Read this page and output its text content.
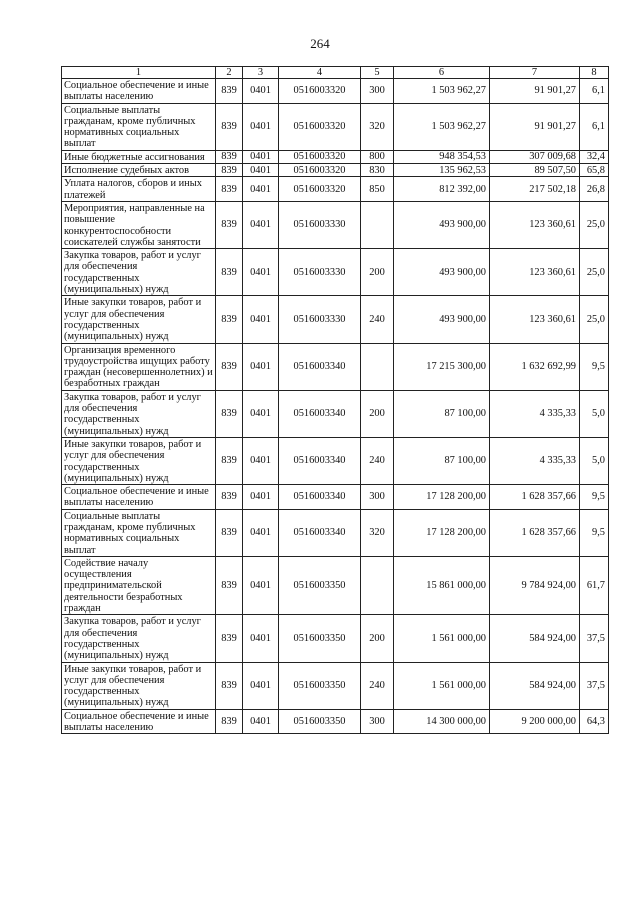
264
1	2	3	4	5	6	7	8
Социальное обеспечение и иные выплаты населению	839	0401	0516003320	300	1 503 962,27	91 901,27	6,1
Социальные выплаты гражданам, кроме публичных нормативных социальных выплат	839	0401	0516003320	320	1 503 962,27	91 901,27	6,1
Иные бюджетные ассигнования	839	0401	0516003320	800	948 354,53	307 009,68	32,4
Исполнение судебных актов	839	0401	0516003320	830	135 962,53	89 507,50	65,8
Уплата налогов, сборов и иных платежей	839	0401	0516003320	850	812 392,00	217 502,18	26,8
Мероприятия, направленные на повышение конкурентоспособности соискателей службы занятости	839	0401	0516003330		493 900,00	123 360,61	25,0
Закупка товаров, работ и услуг для обеспечения государственных (муниципальных) нужд	839	0401	0516003330	200	493 900,00	123 360,61	25,0
Иные закупки товаров, работ и услуг для обеспечения государственных (муниципальных) нужд	839	0401	0516003330	240	493 900,00	123 360,61	25,0
Организация временного трудоустройства ищущих работу граждан (несовершеннолетних) и безработных граждан	839	0401	0516003340		17 215 300,00	1 632 692,99	9,5
Закупка товаров, работ и услуг для обеспечения государственных (муниципальных) нужд	839	0401	0516003340	200	87 100,00	4 335,33	5,0
Иные закупки товаров, работ и услуг для обеспечения государственных (муниципальных) нужд	839	0401	0516003340	240	87 100,00	4 335,33	5,0
Социальное обеспечение и иные выплаты населению	839	0401	0516003340	300	17 128 200,00	1 628 357,66	9,5
Социальные выплаты гражданам, кроме публичных нормативных социальных выплат	839	0401	0516003340	320	17 128 200,00	1 628 357,66	9,5
Содействие началу осуществления предпринимательской деятельности безработных граждан	839	0401	0516003350		15 861 000,00	9 784 924,00	61,7
Закупка товаров, работ и услуг для обеспечения государственных (муниципальных) нужд	839	0401	0516003350	200	1 561 000,00	584 924,00	37,5
Иные закупки товаров, работ и услуг для обеспечения государственных (муниципальных) нужд	839	0401	0516003350	240	1 561 000,00	584 924,00	37,5
Социальное обеспечение и иные выплаты населению	839	0401	0516003350	300	14 300 000,00	9 200 000,00	64,3
